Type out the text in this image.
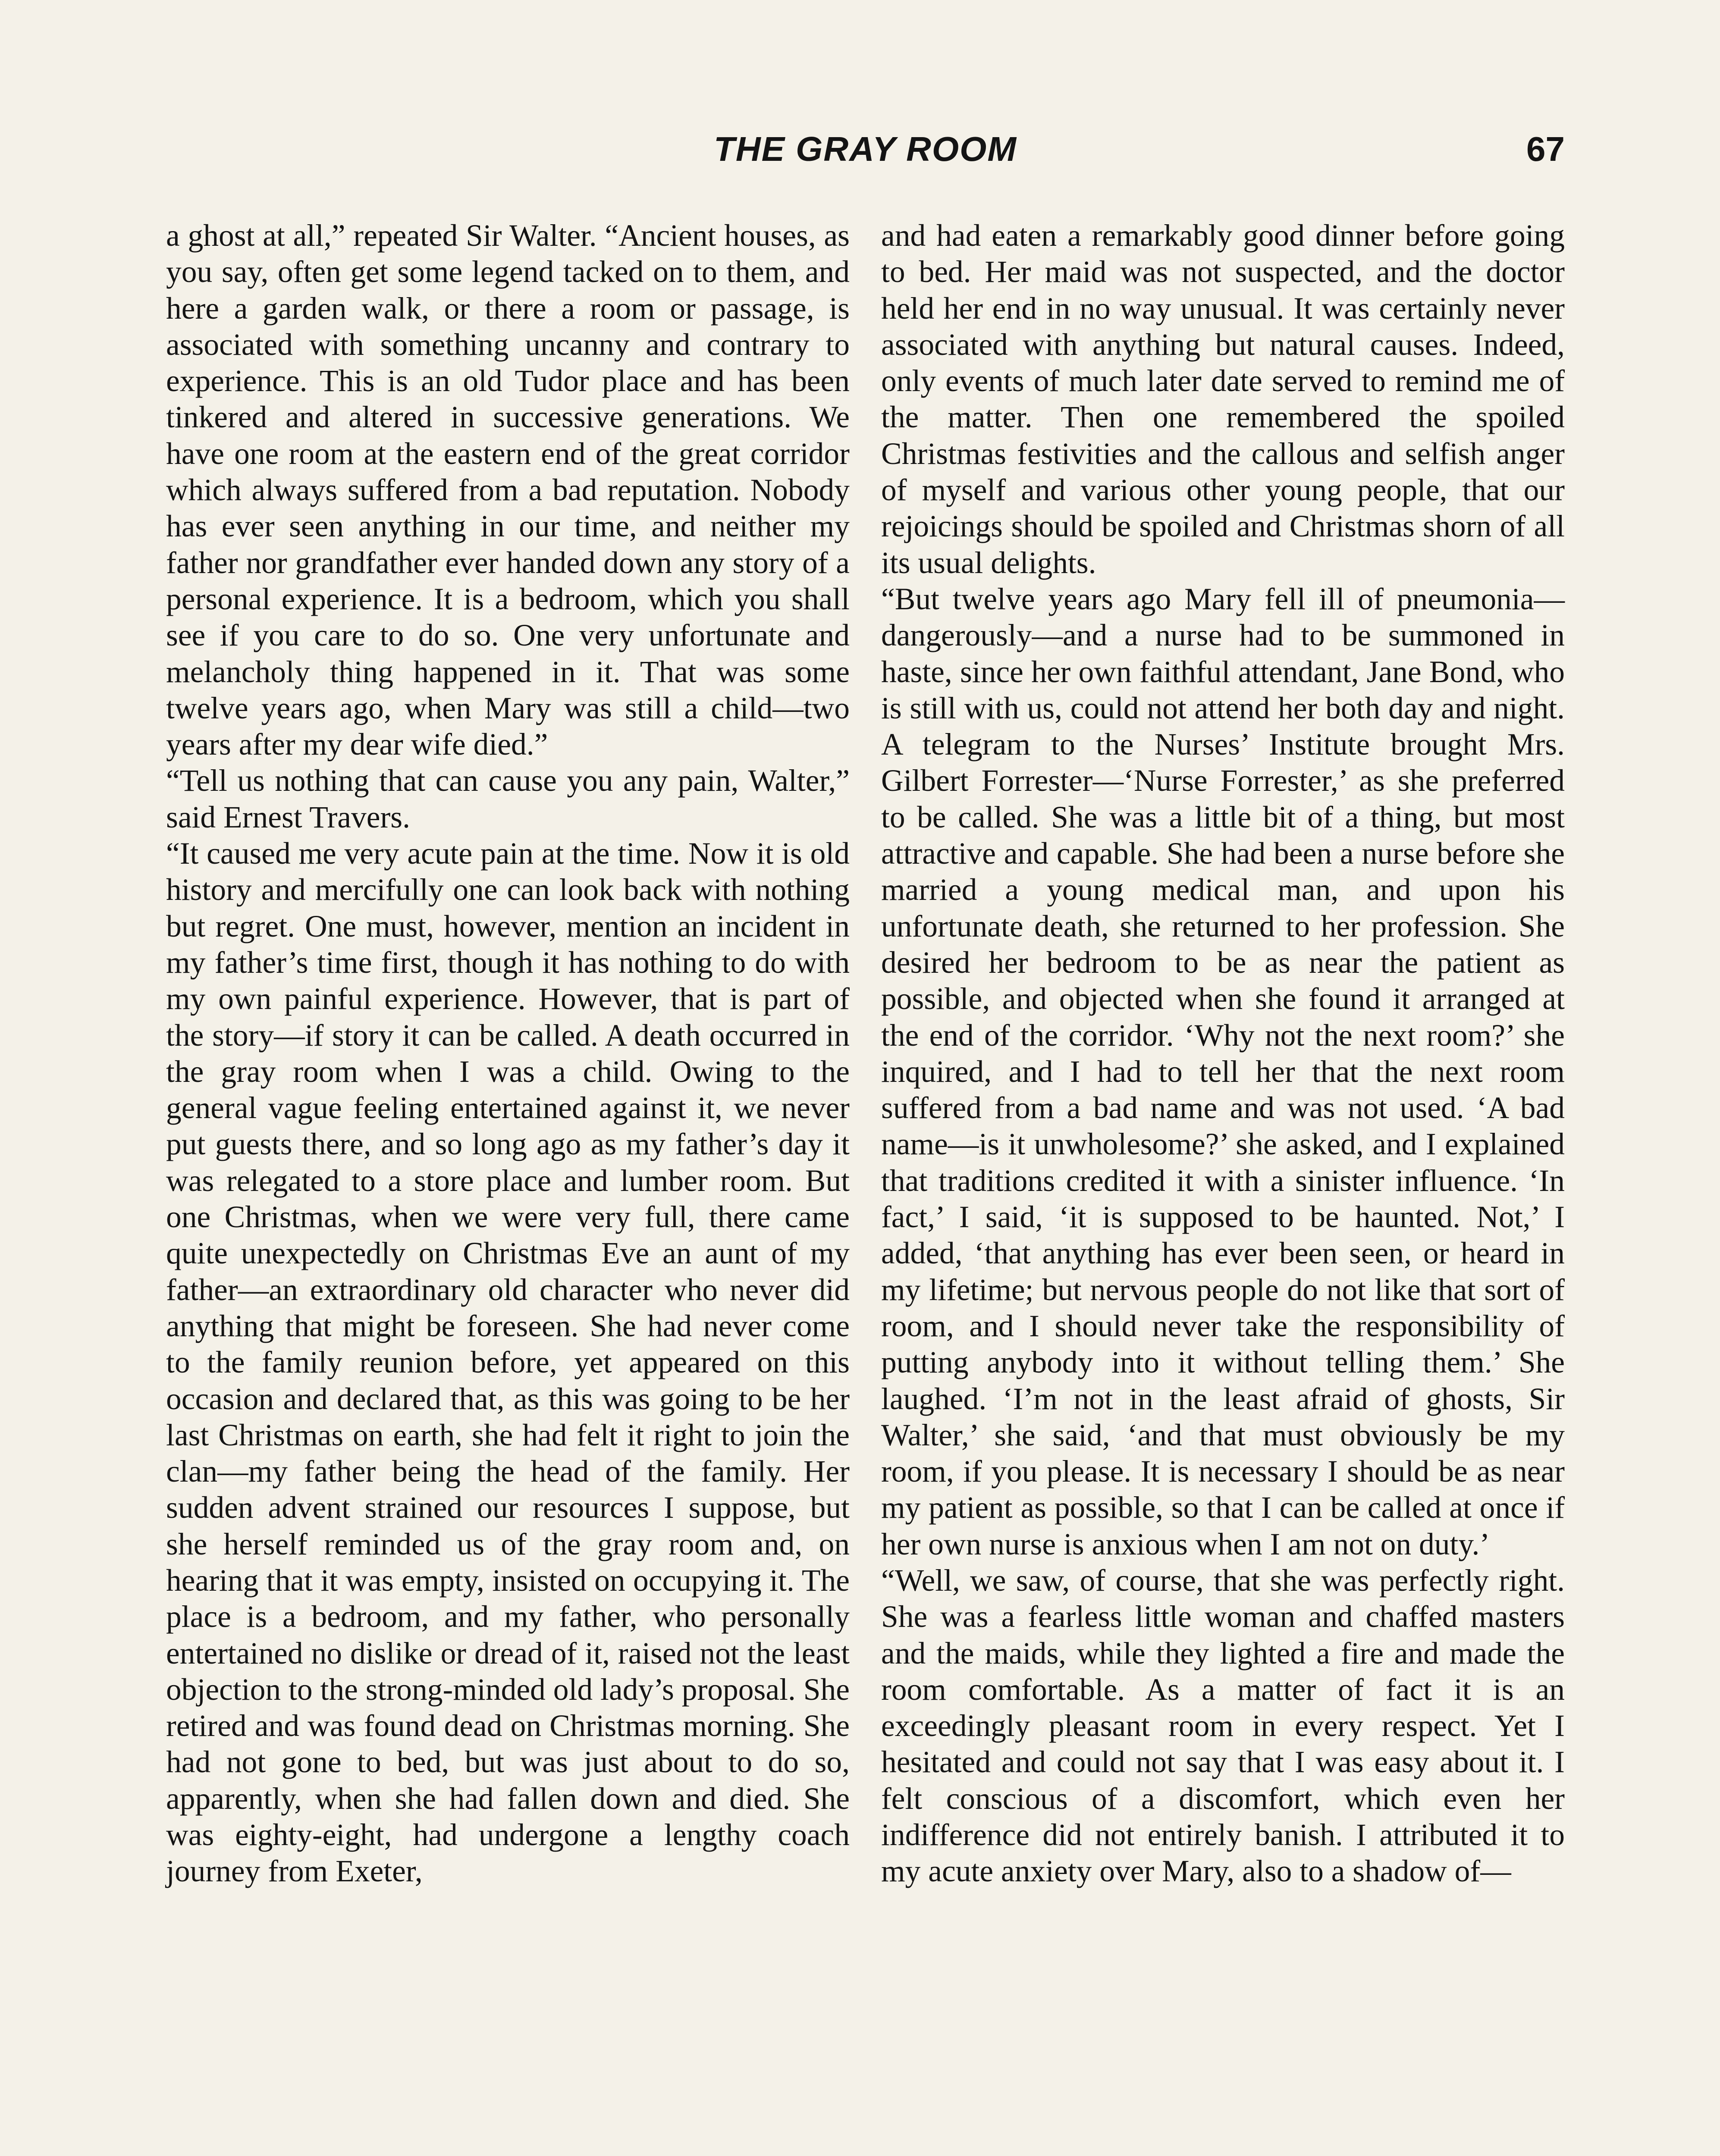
THE GRAY ROOM	67

a ghost at all,” repeated Sir Walter. “Ancient houses, as you say, often get some legend tacked on to them, and here a garden walk, or there a room or passage, is associated with something uncanny and contrary to experience. This is an old Tudor place and has been tinkered and altered in successive generations. We have one room at the eastern end of the great corridor which always suffered from a bad reputation. Nobody has ever seen anything in our time, and neither my father nor grandfather ever handed down any story of a personal experience. It is a bedroom, which you shall see if you care to do so. One very unfortunate and melancholy thing happened in it. That was some twelve years ago, when Mary was still a child—two years after my dear wife died.”

“Tell us nothing that can cause you any pain, Walter,” said Ernest Travers.

“It caused me very acute pain at the time. Now it is old history and mercifully one can look back with nothing but regret. One must, however, mention an incident in my father’s time first, though it has nothing to do with my own painful experience. However, that is part of the story—if story it can be called. A death occurred in the gray room when I was a child. Owing to the general vague feeling entertained against it, we never put guests there, and so long ago as my father’s day it was relegated to a store place and lumber room. But one Christmas, when we were very full, there came quite unexpectedly on Christmas Eve an aunt of my father—an extraordinary old character who never did anything that might be foreseen. She had never come to the family reunion before, yet appeared on this occasion and declared that, as this was going to be her last Christmas on earth, she had felt it right to join the clan—my father being the head of the family. Her sudden advent strained our resources I suppose, but she herself reminded us of the gray room and, on hearing that it was empty, insisted on occupying it. The place is a bedroom, and my father, who personally entertained no dislike or dread of it, raised not the least objection to the strong-minded old lady’s proposal. She retired and was found dead on Christmas morning. She had not gone to bed, but was just about to do so, apparently, when she had fallen down and died. She was eighty-eight, had undergone a lengthy coach journey from Exeter,

and had eaten a remarkably good dinner before going to bed. Her maid was not suspected, and the doctor held her end in no way unusual. It was certainly never associated with anything but natural causes. Indeed, only events of much later date served to remind me of the matter. Then one remembered the spoiled Christmas festivities and the callous and selfish anger of myself and various other young people, that our rejoicings should be spoiled and Christmas shorn of all its usual delights.

“But twelve years ago Mary fell ill of pneumonia—dangerously—and a nurse had to be summoned in haste, since her own faithful attendant, Jane Bond, who is still with us, could not attend her both day and night. A telegram to the Nurses’ Institute brought Mrs. Gilbert Forrester—‘Nurse Forrester,’ as she preferred to be called. She was a little bit of a thing, but most attractive and capable. She had been a nurse before she married a young medical man, and upon his unfortunate death, she returned to her profession. She desired her bedroom to be as near the patient as possible, and objected when she found it arranged at the end of the corridor. ‘Why not the next room?’ she inquired, and I had to tell her that the next room suffered from a bad name and was not used. ‘A bad name—is it unwholesome?’ she asked, and I explained that traditions credited it with a sinister influence. ‘In fact,’ I said, ‘it is supposed to be haunted. Not,’ I added, ‘that anything has ever been seen, or heard in my lifetime; but nervous people do not like that sort of room, and I should never take the responsibility of putting anybody into it without telling them.’ She laughed. ‘I’m not in the least afraid of ghosts, Sir Walter,’ she said, ‘and that must obviously be my room, if you please. It is necessary I should be as near my patient as possible, so that I can be called at once if her own nurse is anxious when I am not on duty.’

“Well, we saw, of course, that she was perfectly right. She was a fearless little woman and chaffed masters and the maids, while they lighted a fire and made the room comfortable. As a matter of fact it is an exceedingly pleasant room in every respect. Yet I hesitated and could not say that I was easy about it. I felt conscious of a discomfort, which even her indifference did not entirely banish. I attributed it to my acute anxiety over Mary, also to a shadow of—
